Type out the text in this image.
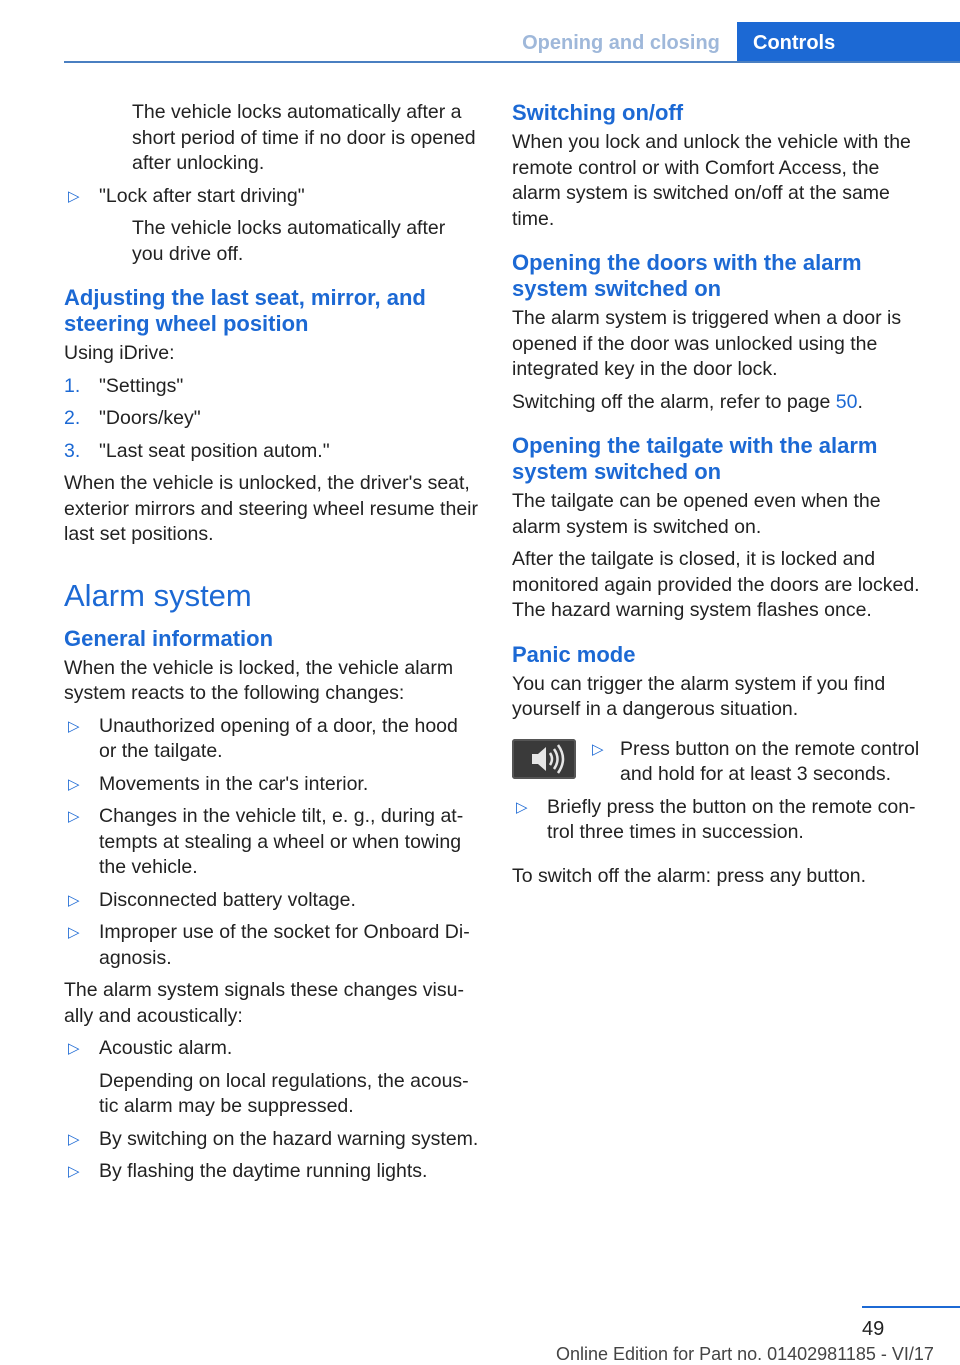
Opening and closing	Controls

The vehicle locks automatically after a short period of time if no door is opened after unlocking.

▷ "Lock after start driving"

The vehicle locks automatically after you drive off.

Adjusting the last seat, mirror, and steering wheel position

Using iDrive:

1. "Settings"
2. "Doors/key"
3. "Last seat position autom."

When the vehicle is unlocked, the driver's seat, exterior mirrors and steering wheel resume their last set positions.

Alarm system
General information

When the vehicle is locked, the vehicle alarm system reacts to the following changes:

▷ Unauthorized opening of a door, the hood or the tailgate.
▷ Movements in the car's interior.
▷ Changes in the vehicle tilt, e. g., during attempts at stealing a wheel or when towing the vehicle.
▷ Disconnected battery voltage.
▷ Improper use of the socket for Onboard Diagnosis.

The alarm system signals these changes visually and acoustically:

▷ Acoustic alarm.

Depending on local regulations, the acoustic alarm may be suppressed.

▷ By switching on the hazard warning system.
▷ By flashing the daytime running lights.
Switching on/off

When you lock and unlock the vehicle with the remote control or with Comfort Access, the alarm system is switched on/off at the same time.

Opening the doors with the alarm system switched on

The alarm system is triggered when a door is opened if the door was unlocked using the integrated key in the door lock.

Switching off the alarm, refer to page 50.

Opening the tailgate with the alarm system switched on

The tailgate can be opened even when the alarm system is switched on.

After the tailgate is closed, it is locked and monitored again provided the doors are locked. The hazard warning system flashes once.

Panic mode

You can trigger the alarm system if you find yourself in a dangerous situation.

▷ Press button on the remote control and hold for at least 3 seconds.
▷ Briefly press the button on the remote control three times in succession.

To switch off the alarm: press any button.

49
Online Edition for Part no. 01402981185 - VI/17
